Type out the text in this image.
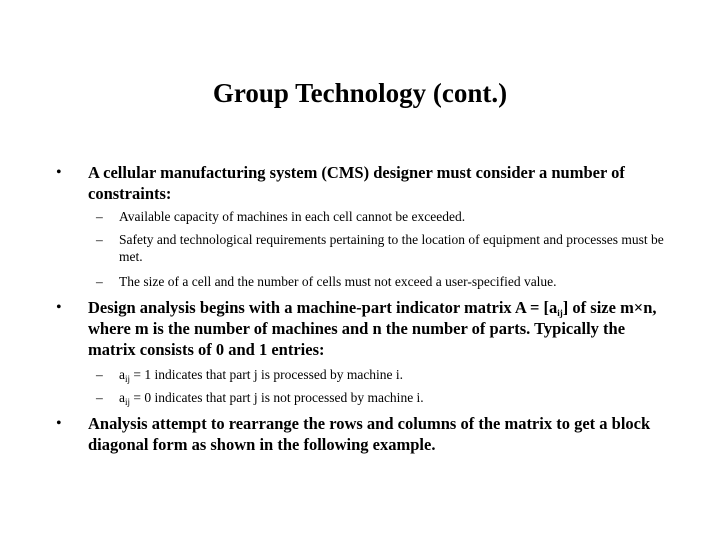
Group Technology (cont.)
• A cellular manufacturing system (CMS) designer must consider a number of constraints:
– Available capacity of machines in each cell cannot be exceeded.
– Safety and technological requirements pertaining to the location of equipment and processes must be met.
– The size of a cell and the number of cells must not exceed a user-specified value.
• Design analysis begins with a machine-part indicator matrix $A = [a_{ij}]$ of size m×n, where m is the number of machines and n the number of parts. Typically the matrix consists of 0 and 1 entries:
– $a_{ij} = 1$ indicates that part j is processed by machine i.
– $a_{ij} = 0$ indicates that part j is not processed by machine i.
• Analysis attempt to rearrange the rows and columns of the matrix to get a block diagonal form as shown in the following example.
